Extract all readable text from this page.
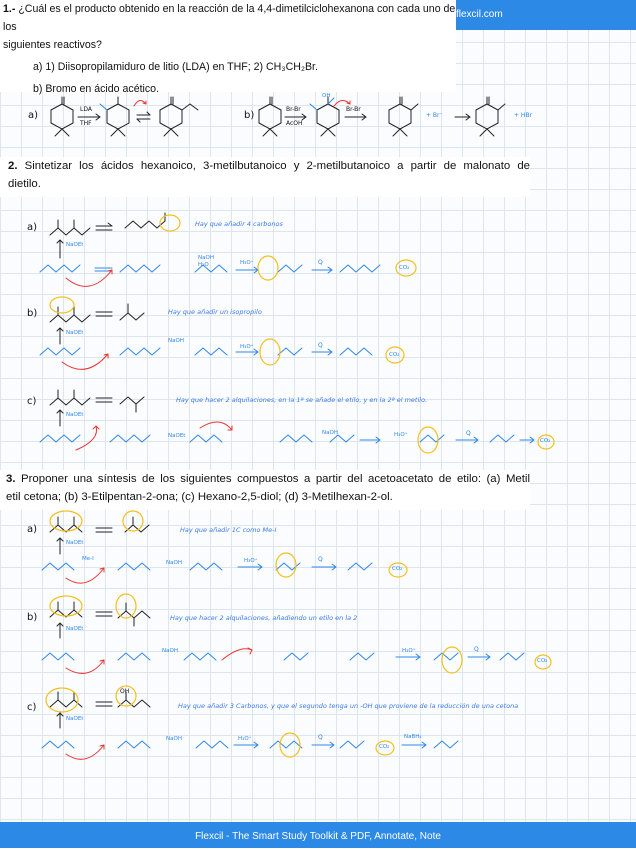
flexcil.com

1.- ¿Cuál es el producto obtenido en la reacción de la 4,4-dimetilciclohexanona con cada uno de los

siguientes reactivos?

a) 1) Diisopropilamiduro de litio (LDA) en THF; 2) CH₃CH₂Br.

b) Bromo en ácido acético.

2. Sintetizar los ácidos hexanoico, 3-metilbutanoico y 2-metilbutanoico a partir de malonato de

dietilo.

3. Proponer una síntesis de los siguientes compuestos a partir del acetoacetato de etilo: (a) Metil

etil cetona; (b) 3-Etilpentan-2-ona; (c) Hexano-2,5-diol; (d) 3-Metilhexan-2-ol.

a)	b)
LDA
THF
Br-Br
AcOH
Br-Br
OH
+ Br⁻	+ HBr
a)
b)
c)
Hay que añadir 4 carbonos
Hay que añadir un isopropilo
Hay que hacer 2 alquilaciones, en la 1ª se añade el etilo, y en la 2ª el metilo.
NaOH
H₂O	H₃O⁺	Q
CO₂
NaOEt
NaOH
H₃O⁺	Q
CO₂
NaOEt
NaOEt	NaOH	H₃O⁺	Q
CO₂
NaOEt
a)
b)
c)
Hay que añadir 1C como Me-I
Hay que hacer 2 alquilaciones, añadiendo un etilo en la 2
Hay que añadir 3 Carbonos, y que el segundo tenga un -OH que proviene de la reducción de una cetona
NaOEt
Me-I
NaOH	H₃O⁺	Q
CO₂
NaOEt
NaOH	H₃O⁺	Q
CO₂
NaOEt
NaOH	H₃O⁺	Q
CO₂
NaBH₄
OH
Flexcil - The Smart Study Toolkit & PDF, Annotate, Note
